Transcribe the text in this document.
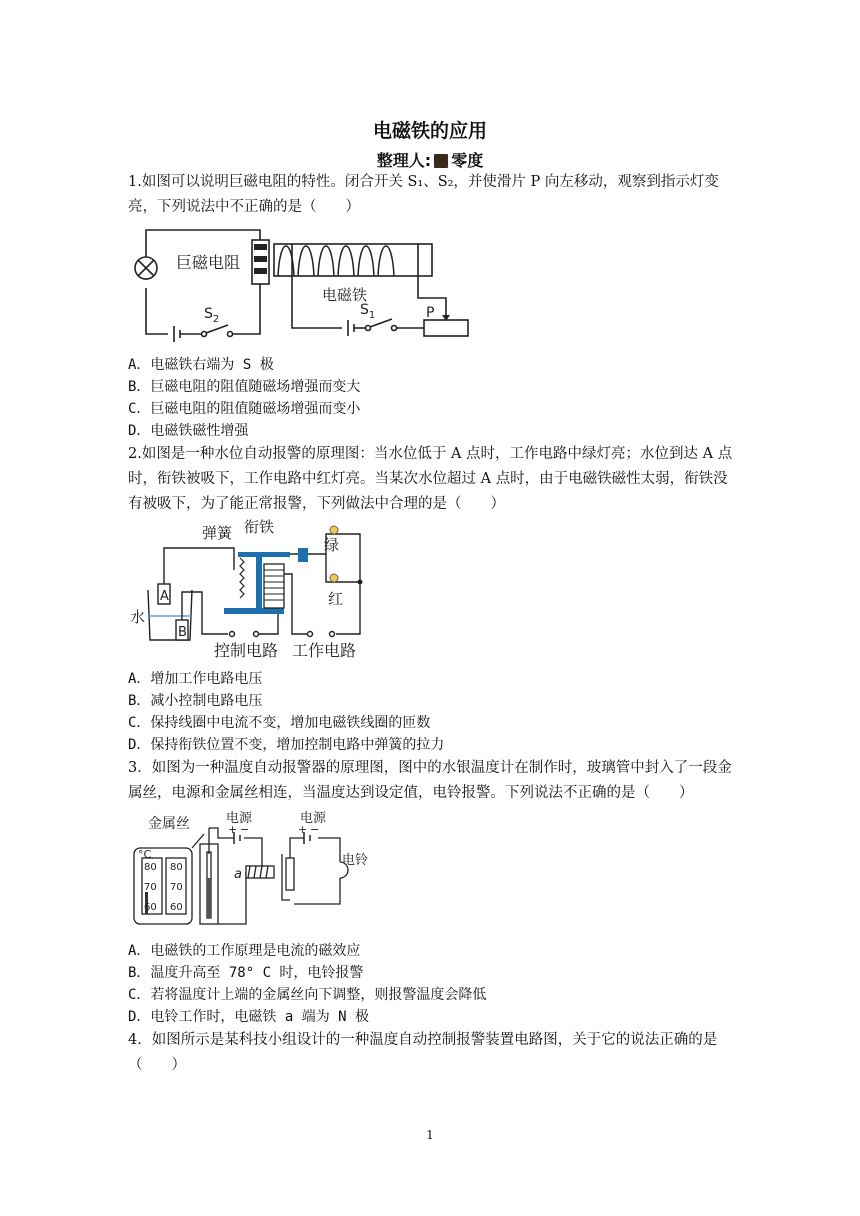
电磁铁的应用
整理人: 零度
1.如图可以说明巨磁电阻的特性。闭合开关 S₁、S₂，并使滑片 P 向左移动，观察到指示灯变亮，下列说法中不正确的是（　　）
巨磁电阻
电磁铁
$S_2$
$S_1$	P
A．电磁铁右端为 S 极
B．巨磁电阻的阻值随磁场增强而变大
C．巨磁电阻的阻值随磁场增强而变小
D．电磁铁磁性增强
2.如图是一种水位自动报警的原理图：当水位低于 A 点时，工作电路中绿灯亮；水位到达 A 点时，衔铁被吸下，工作电路中红灯亮。当某次水位超过 A 点时，由于电磁铁磁性太弱，衔铁没有被吸下，为了能正常报警，下列做法中合理的是（　　）
弹簧 衔铁
绿
红
水
A
B
控制电路 工作电路
A．增加工作电路电压
B．减小控制电路电压
C．保持线圈中电流不变，增加电磁铁线圈的匝数
D．保持衔铁位置不变，增加控制电路中弹簧的拉力
3．如图为一种温度自动报警器的原理图，图中的水银温度计在制作时，玻璃管中封入了一段金属丝，电源和金属丝相连，当温度达到设定值，电铃报警。下列说法不正确的是（　　）
金属丝
°C
80
70
60
80
70
60
电源
+ −
电源
+ −
电铃
a
A．电磁铁的工作原理是电流的磁效应
B．温度升高至 78° C 时，电铃报警
C．若将温度计上端的金属丝向下调整，则报警温度会降低
D．电铃工作时，电磁铁 a 端为 N 极
4．如图所示是某科技小组设计的一种温度自动控制报警装置电路图，关于它的说法正确的是（　　）
1
